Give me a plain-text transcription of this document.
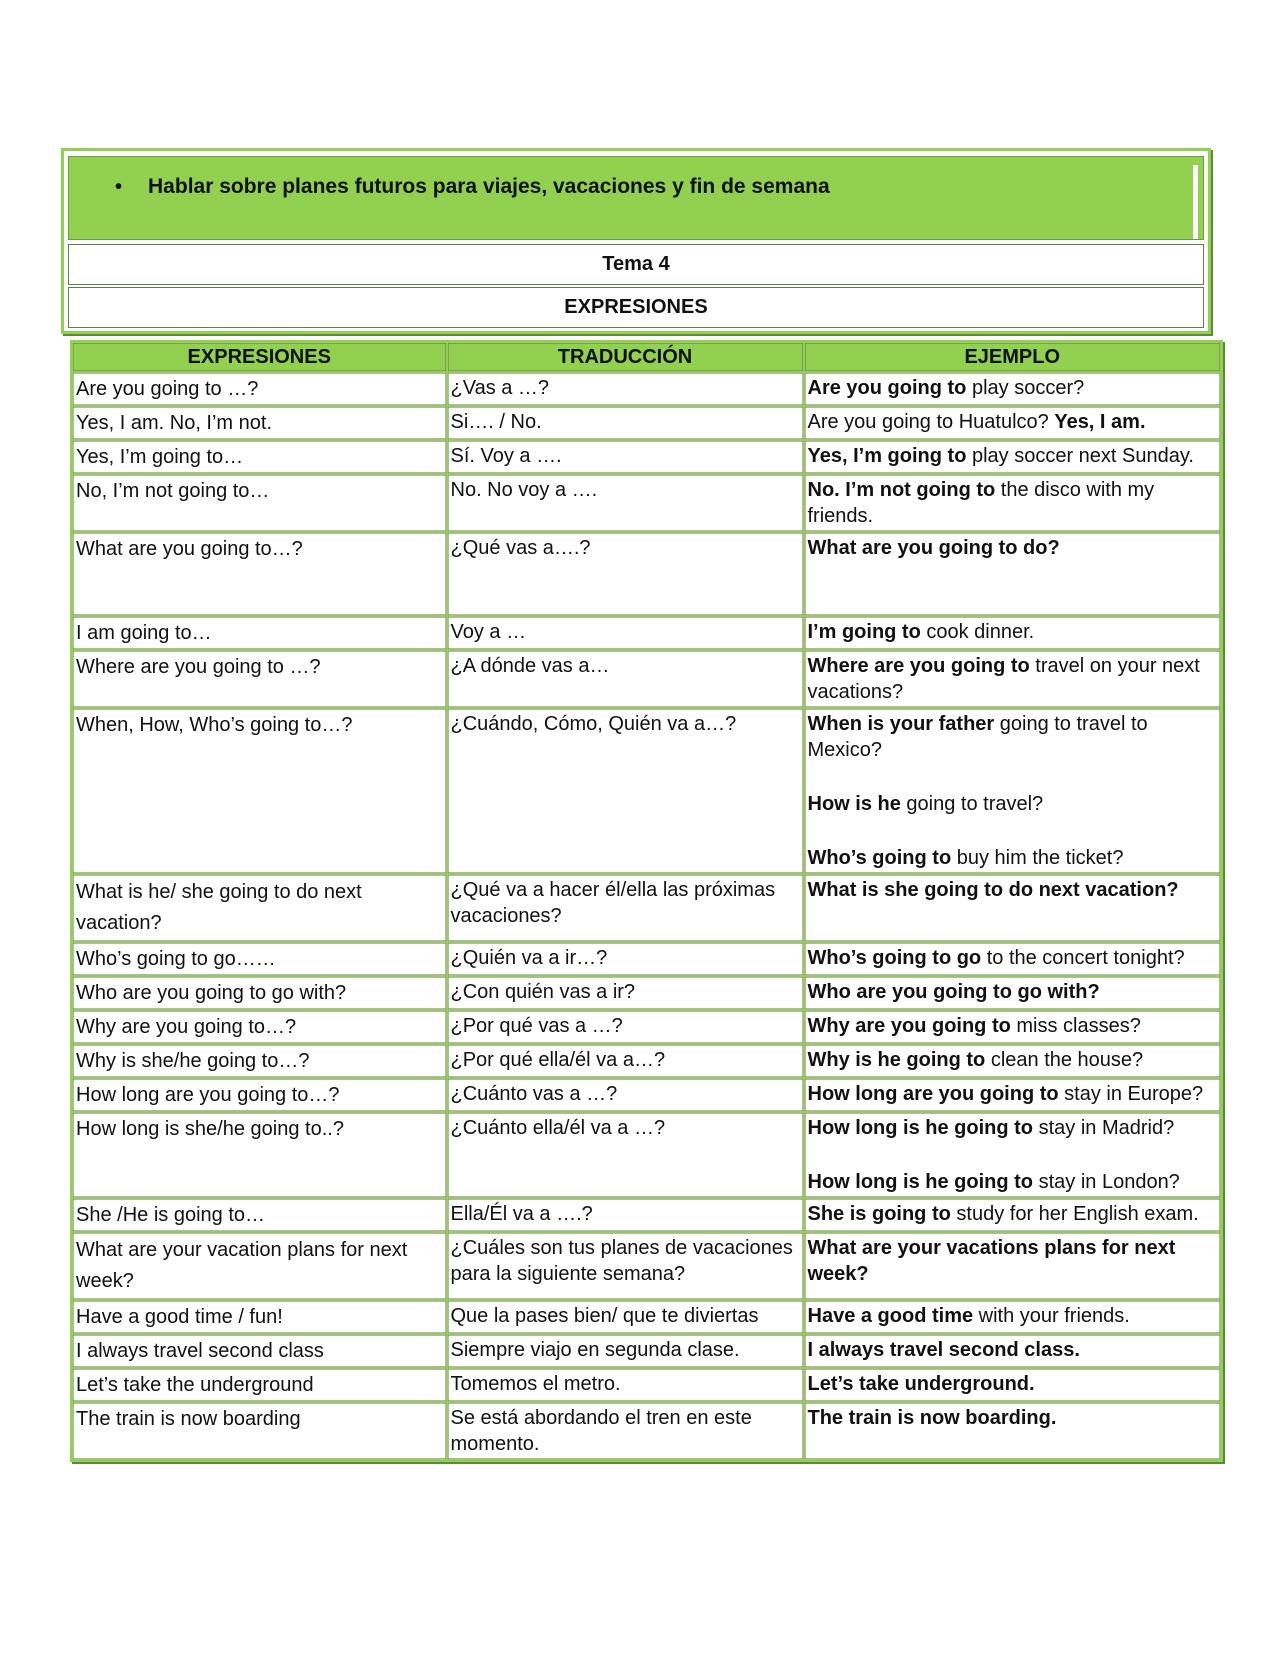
• Hablar sobre planes futuros para viajes, vacaciones y fin de semana
Tema 4
EXPRESIONES
EXPRESIONES	TRADUCCIÓN	EJEMPLO
Are you going to …?	¿Vas a …?	Are you going to play soccer?
Yes, I am. No, I’m not.	Si…. / No.	Are you going to Huatulco? Yes, I am.
Yes, I’m going to…	Sí. Voy a ….	Yes, I’m going to play soccer next Sunday.
No, I’m not going to…	No. No voy a ….	No. I’m not going to the disco with my friends.
What are you going to…?	¿Qué vas a….?	What are you going to do?
I am going to…	Voy a …	I’m going to cook dinner.
Where are you going to …?	¿A dónde vas a…	Where are you going to travel on your next vacations?
When, How, Who’s going to…?	¿Cuándo, Cómo, Quién va a…?	When is your father going to travel to Mexico?
How is he going to travel?
Who’s going to buy him the ticket?

What is he/ she going to do next vacation?	¿Qué va a hacer él/ella las próximas vacaciones?	What is she going to do next vacation?
Who’s going to go……	¿Quién va a ir…?	Who’s going to go to the concert tonight?
Who are you going to go with?	¿Con quién vas a ir?	Who are you going to go with?
Why are you going to…?	¿Por qué vas a …?	Why are you going to miss classes?
Why is she/he going to…?	¿Por qué ella/él va a…?	Why is he going to clean the house?
How long are you going to…?	¿Cuánto vas a …?	How long are you going to stay in Europe?
How long is she/he going to..?	¿Cuánto ella/él va a …?	How long is he going to stay in Madrid?
How long is he going to stay in London?

She /He is going to…	Ella/Él va a ….?	She is going to study for her English exam.
What are your vacation plans for next week?	¿Cuáles son tus planes de vacaciones para la siguiente semana?	What are your vacations plans for next week?
Have a good time / fun!	Que la pases bien/ que te diviertas	Have a good time with your friends.
I always travel second class	Siempre viajo en segunda clase.	I always travel second class.
Let’s take the underground	Tomemos el metro.	Let’s take underground.
The train is now boarding	Se está abordando el tren en este momento.	The train is now boarding.
